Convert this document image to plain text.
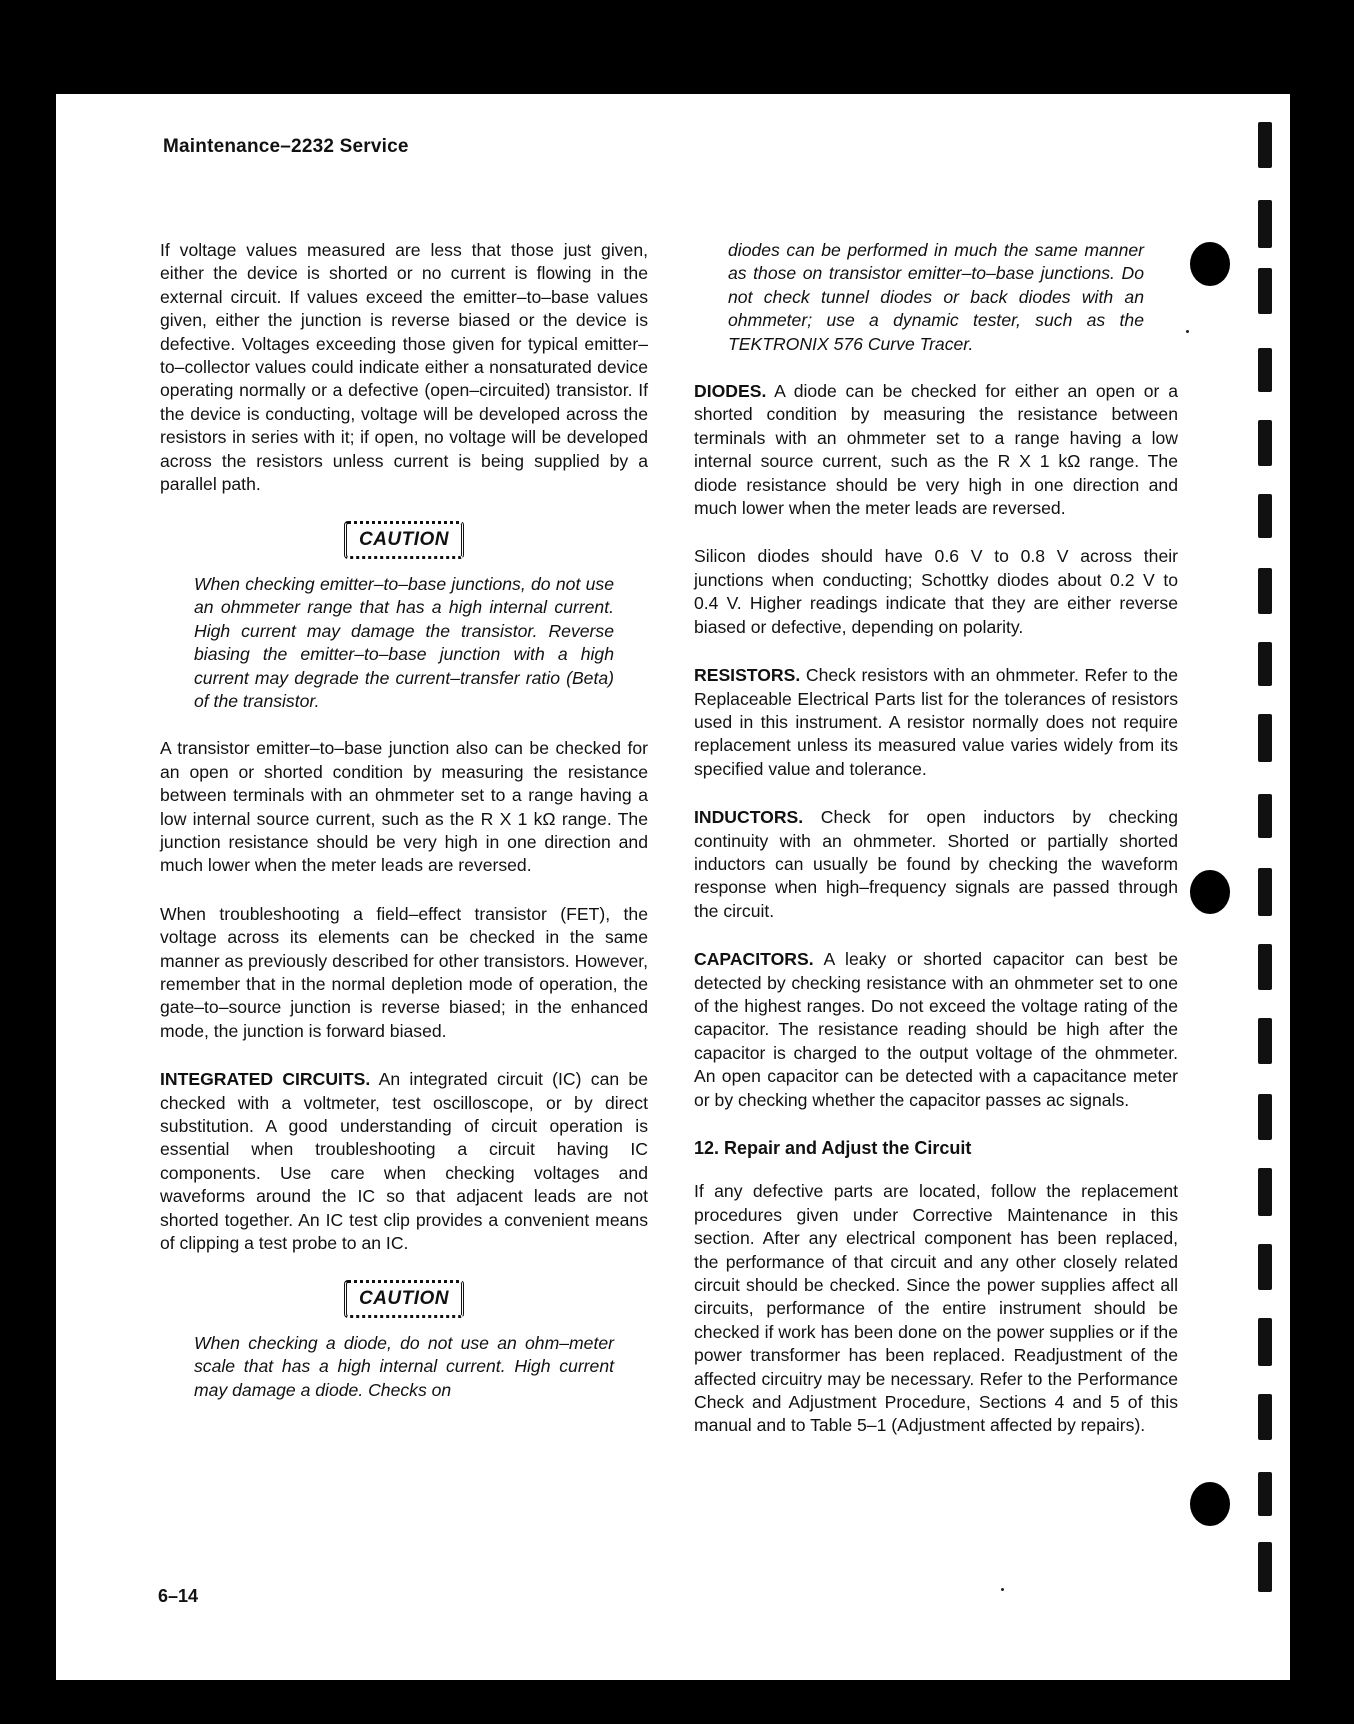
Maintenance–2232 Service

If voltage values measured are less that those just given, either the device is shorted or no current is flowing in the external circuit. If values exceed the emitter–to–base values given, either the junction is reverse biased or the device is defective. Voltages exceeding those given for typical emitter–to–collector values could indicate either a nonsaturated device operating normally or a defective (open–circuited) transistor. If the device is conducting, voltage will be developed across the resistors in series with it; if open, no voltage will be developed across the resistors unless current is being supplied by a parallel path.

CAUTION

When checking emitter–to–base junctions, do not use an ohmmeter range that has a high internal current. High current may damage the transistor. Reverse biasing the emitter–to–base junction with a high current may degrade the current–transfer ratio (Beta) of the transistor.

A transistor emitter–to–base junction also can be checked for an open or shorted condition by measuring the resistance between terminals with an ohmmeter set to a range having a low internal source current, such as the R X 1 kΩ range. The junction resistance should be very high in one direction and much lower when the meter leads are reversed.

When troubleshooting a field–effect transistor (FET), the voltage across its elements can be checked in the same manner as previously described for other transistors. However, remember that in the normal depletion mode of operation, the gate–to–source junction is reverse biased; in the enhanced mode, the junction is forward biased.

INTEGRATED CIRCUITS. An integrated circuit (IC) can be checked with a voltmeter, test oscilloscope, or by direct substitution. A good understanding of circuit operation is essential when troubleshooting a circuit having IC components. Use care when checking voltages and waveforms around the IC so that adjacent leads are not shorted together. An IC test clip provides a convenient means of clipping a test probe to an IC.

CAUTION

When checking a diode, do not use an ohm–meter scale that has a high internal current. High current may damage a diode. Checks on

diodes can be performed in much the same manner as those on transistor emitter–to–base junctions. Do not check tunnel diodes or back diodes with an ohmmeter; use a dynamic tester, such as the TEKTRONIX 576 Curve Tracer.

DIODES. A diode can be checked for either an open or a shorted condition by measuring the resistance between terminals with an ohmmeter set to a range having a low internal source current, such as the R X 1 kΩ range. The diode resistance should be very high in one direction and much lower when the meter leads are reversed.

Silicon diodes should have 0.6 V to 0.8 V across their junctions when conducting; Schottky diodes about 0.2 V to 0.4 V. Higher readings indicate that they are either reverse biased or defective, depending on polarity.

RESISTORS. Check resistors with an ohmmeter. Refer to the Replaceable Electrical Parts list for the tolerances of resistors used in this instrument. A resistor normally does not require replacement unless its measured value varies widely from its specified value and tolerance.

INDUCTORS. Check for open inductors by checking continuity with an ohmmeter. Shorted or partially shorted inductors can usually be found by checking the waveform response when high–frequency signals are passed through the circuit.

CAPACITORS. A leaky or shorted capacitor can best be detected by checking resistance with an ohmmeter set to one of the highest ranges. Do not exceed the voltage rating of the capacitor. The resistance reading should be high after the capacitor is charged to the output voltage of the ohmmeter. An open capacitor can be detected with a capacitance meter or by checking whether the capacitor passes ac signals.

12. Repair and Adjust the Circuit

If any defective parts are located, follow the replacement procedures given under Corrective Maintenance in this section. After any electrical component has been replaced, the performance of that circuit and any other closely related circuit should be checked. Since the power supplies affect all circuits, performance of the entire instrument should be checked if work has been done on the power supplies or if the power transformer has been replaced. Readjustment of the affected circuitry may be necessary. Refer to the Performance Check and Adjustment Procedure, Sections 4 and 5 of this manual and to Table 5–1 (Adjustment affected by repairs).

6–14
